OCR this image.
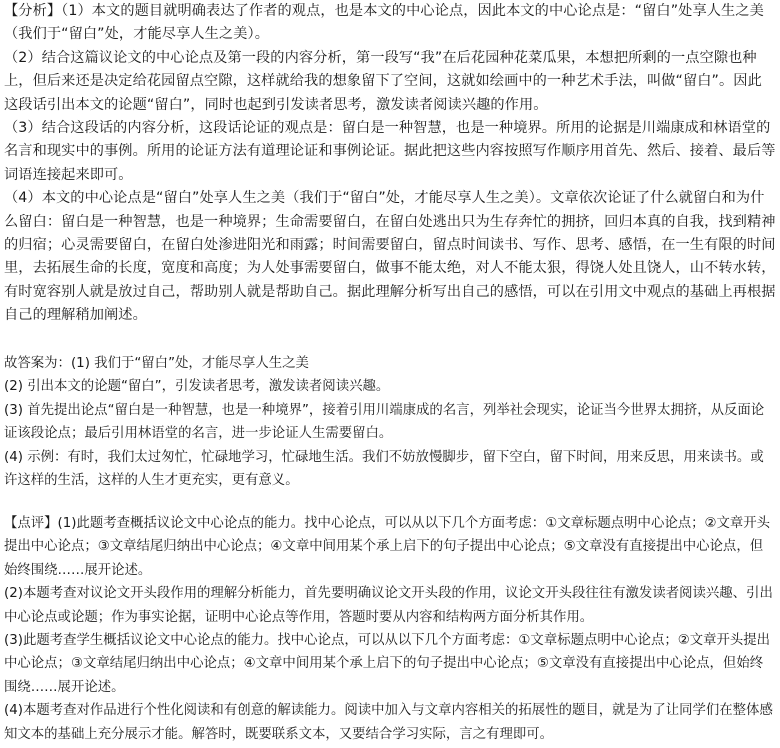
​

【分析】（1）本文的题目就明确表达了作者的观点，也是本文的中心论点，因此本文的中心论点是：“留白”处享人生之美（我们于“留白”处，才能尽享人生之美）。

（2）结合这篇议论文的中心论点及第一段的内容分析，第一段写“我”在后花园种花菜瓜果，本想把所剩的一点空隙也种上，但后来还是决定给花园留点空隙，这样就给我的想象留下了空间，这就如绘画中的一种艺术手法，叫做“留白”。因此这段话引出本文的论题“留白”，同时也起到引发读者思考，激发读者阅读兴趣的作用。

（3）结合这段话的内容分析，这段话论证的观点是：留白是一种智慧，也是一种境界。所用的论据是川端康成和林语堂的名言和现实中的事例。所用的论证方法有道理论证和事例论证。据此把这些内容按照写作顺序用首先、然后、接着、最后等词语连接起来即可。

（4）本文的中心论点是“留白”处享人生之美（我们于“留白”处，才能尽享人生之美）。文章依次论证了什么就留白和为什么留白：留白是一种智慧，也是一种境界；生命需要留白，在留白处逃出只为生存奔忙的拥挤，回归本真的自我，找到精神的归宿；心灵需要留白，在留白处渗进阳光和雨露；时间需要留白，留点时间读书、写作、思考、感悟，在一生有限的时间里，去拓展生命的长度，宽度和高度；为人处事需要留白，做事不能太绝，对人不能太狠，得饶人处且饶人，山不转水转，有时宽容别人就是放过自己，帮助别人就是帮助自己。据此理解分析写出自己的感悟，可以在引用文中观点的基础上再根据自己的理解稍加阐述。

故答案为：(1) 我们于“留白”处，才能尽享人生之美

(2) 引出本文的论题“留白”，引发读者思考，激发读者阅读兴趣。

(3) 首先提出论点“留白是一种智慧，也是一种境界”，接着引用川端康成的名言，列举社会现实，论证当今世界太拥挤，从反面论证该段论点；最后引用林语堂的名言，进一步论证人生需要留白。

(4) 示例：有时，我们太过匆忙，忙碌地学习，忙碌地生活。我们不妨放慢脚步，留下空白，留下时间，用来反思，用来读书。或许这样的生活，这样的人生才更充实，更有意义。

【点评】(1)此题考查概括议论文中心论点的能力。找中心论点，可以从以下几个方面考虑：①文章标题点明中心论点；②文章开头提出中心论点；③文章结尾归纳出中心论点；④文章中间用某个承上启下的句子提出中心论点；⑤文章没有直接提出中心论点，但始终围绕……展开论述。

(2)本题考查对议论文开头段作用的理解分析能力，首先要明确议论文开头段的作用，议论文开头段往往有激发读者阅读兴趣、引出中心论点或论题；作为事实论据，证明中心论点等作用，答题时要从内容和结构两方面分析其作用。

(3)此题考查学生概括议论文中心论点的能力。找中心论点，可以从以下几个方面考虑：①文章标题点明中心论点；②文章开头提出中心论点；③文章结尾归纳出中心论点；④文章中间用某个承上启下的句子提出中心论点；⑤文章没有直接提出中心论点，但始终围绕……展开论述。

(4)本题考查对作品进行个性化阅读和有创意的解读能力。阅读中加入与文章内容相关的拓展性的题目，就是为了让同学们在整体感知文本的基础上充分展示才能。解答时，既要联系文本，又要结合学习实际，言之有理即可。
